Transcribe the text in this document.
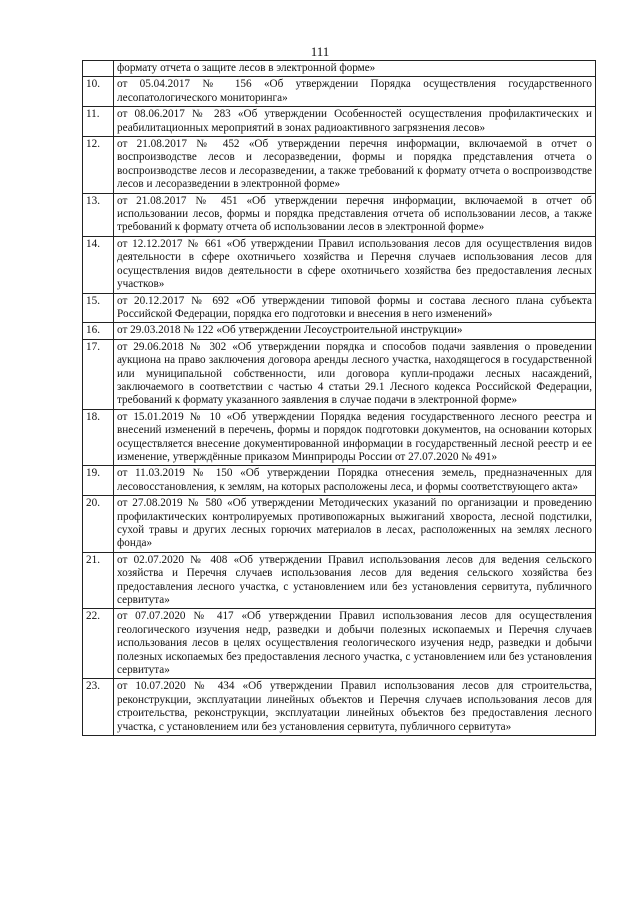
111
	формату отчета о защите лесов в электронной форме»
10.	от 05.04.2017 № 156 «Об утверждении Порядка осуществления государственного лесопатологического мониторинга»
11.	от 08.06.2017 № 283 «Об утверждении Особенностей осуществления профилактических и реабилитационных мероприятий в зонах радиоактивного загрязнения лесов»
12.	от 21.08.2017 № 452 «Об утверждении перечня информации, включаемой в отчет о воспроизводстве лесов и лесоразведении, формы и порядка представления отчета о воспроизводстве лесов и лесоразведении, а также требований к формату отчета о воспроизводстве лесов и лесоразведении в электронной форме»
13.	от 21.08.2017 № 451 «Об утверждении перечня информации, включаемой в отчет об использовании лесов, формы и порядка представления отчета об использовании лесов, а также требований к формату отчета об использовании лесов в электронной форме»
14.	от 12.12.2017 № 661 «Об утверждении Правил использования лесов для осуществления видов деятельности в сфере охотничьего хозяйства и Перечня случаев использования лесов для осуществления видов деятельности в сфере охотничьего хозяйства без предоставления лесных участков»
15.	от 20.12.2017 № 692 «Об утверждении типовой формы и состава лесного плана субъекта Российской Федерации, порядка его подготовки и внесения в него изменений»
16.	от 29.03.2018 № 122 «Об утверждении Лесоустроительной инструкции»
17.	от 29.06.2018 № 302 «Об утверждении порядка и способов подачи заявления о проведении аукциона на право заключения договора аренды лесного участка, находящегося в государственной или муниципальной собственности, или договора купли-продажи лесных насаждений, заключаемого в соответствии с частью 4 статьи 29.1 Лесного кодекса Российской Федерации, требований к формату указанного заявления в случае подачи в электронной форме»
18.	от 15.01.2019 № 10 «Об утверждении Порядка ведения государственного лесного реестра и внесений изменений в перечень, формы и порядок подготовки документов, на основании которых осуществляется внесение документированной информации в государственный лесной реестр и ее изменение, утверждённые приказом Минприроды России от 27.07.2020 № 491»
19.	от 11.03.2019 № 150 «Об утверждении Порядка отнесения земель, предназначенных для лесовосстановления, к землям, на которых расположены леса, и формы соответствующего акта»
20.	от 27.08.2019 № 580 «Об утверждении Методических указаний по организации и проведению профилактических контролируемых противопожарных выжиганий хвороста, лесной подстилки, сухой травы и других лесных горючих материалов в лесах, расположенных на землях лесного фонда»
21.	от 02.07.2020 № 408 «Об утверждении Правил использования лесов для ведения сельского хозяйства и Перечня случаев использования лесов для ведения сельского хозяйства без предоставления лесного участка, с установлением или без установления сервитута, публичного сервитута»
22.	от 07.07.2020 № 417 «Об утверждении Правил использования лесов для осуществления геологического изучения недр, разведки и добычи полезных ископаемых и Перечня случаев использования лесов в целях осуществления геологического изучения недр, разведки и добычи полезных ископаемых без предоставления лесного участка, с установлением или без установления сервитута»
23.	от 10.07.2020 № 434 «Об утверждении Правил использования лесов для строительства, реконструкции, эксплуатации линейных объектов и Перечня случаев использования лесов для строительства, реконструкции, эксплуатации линейных объектов без предоставления лесного участка, с установлением или без установления сервитута, публичного сервитута»
